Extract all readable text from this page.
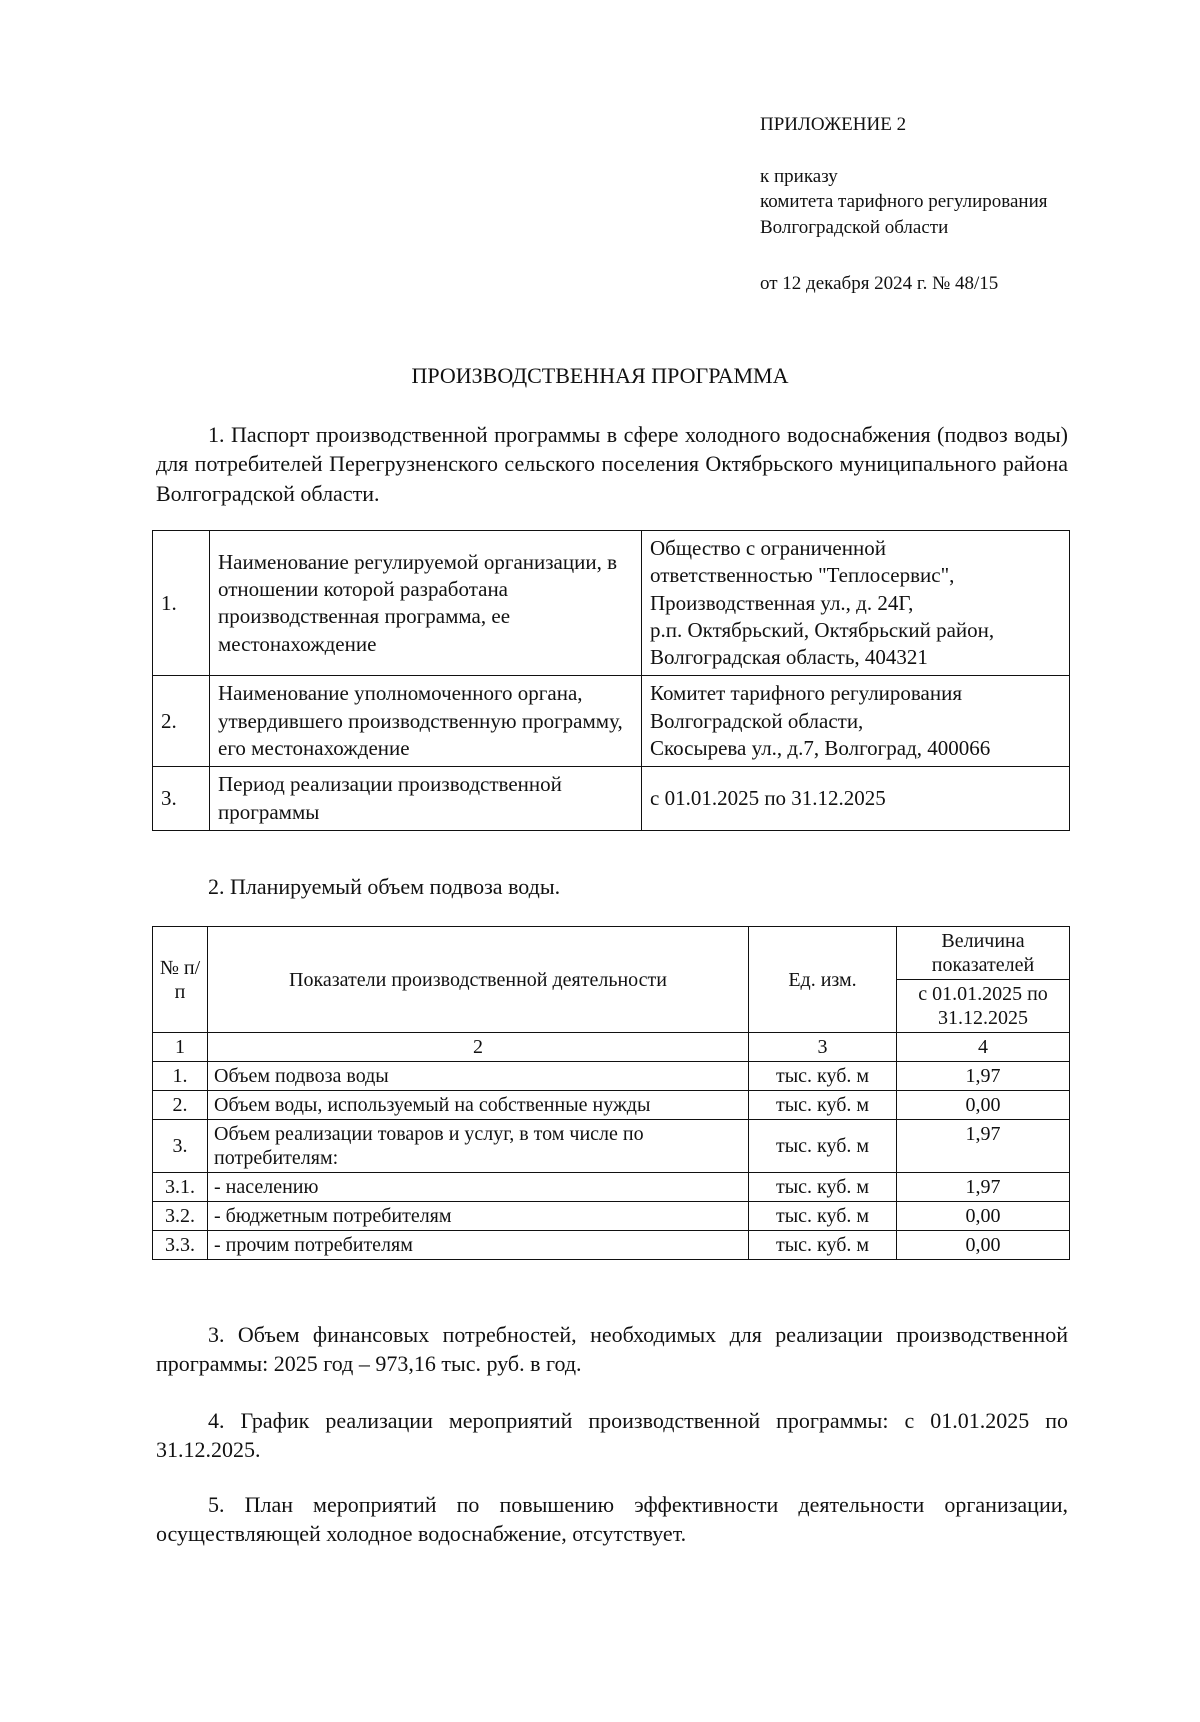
ПРИЛОЖЕНИЕ 2
к приказу
комитета тарифного регулирования
Волгоградской области
от 12 декабря 2024 г. № 48/15
ПРОИЗВОДСТВЕННАЯ ПРОГРАММА
1. Паспорт производственной программы в сфере холодного водоснабжения (подвоз воды) для потребителей Перегрузненского сельского поселения Октябрьского муниципального района Волгоградской области.
1.	Наименование регулируемой организации, в отношении которой разработана производственная программа, ее местонахождение	Общество с ограниченной
ответственностью "Теплосервис",
Производственная ул., д. 24Г,
р.п. Октябрьский, Октябрьский район,
Волгоградская область, 404321

2.	Наименование уполномоченного органа, утвердившего производственную программу, его местонахождение	Комитет тарифного регулирования
Волгоградской области,
Скосырева ул., д.7, Волгоград, 400066

3.	Период реализации производственной программы	с 01.01.2025 по 31.12.2025
2. Планируемый объем подвоза воды.
№ п/п	Показатели производственной деятельности	Ед. изм.	Величина показателей
			с 01.01.2025 по 31.12.2025
1	2	3	4
1.	Объем подвоза воды	тыс. куб. м	1,97
2.	Объем воды, используемый на собственные нужды	тыс. куб. м	0,00
3.	Объем реализации товаров и услуг, в том числе по потребителям:	тыс. куб. м	1,97
3.1.	- населению	тыс. куб. м	1,97
3.2.	- бюджетным потребителям	тыс. куб. м	0,00
3.3.	- прочим потребителям	тыс. куб. м	0,00
3. Объем финансовых потребностей, необходимых для реализации производственной программы: 2025 год – 973,16 тыс. руб. в год.
4. График реализации мероприятий производственной программы: с 01.01.2025 по 31.12.2025.
5. План мероприятий по повышению эффективности деятельности организации, осуществляющей холодное водоснабжение, отсутствует.
